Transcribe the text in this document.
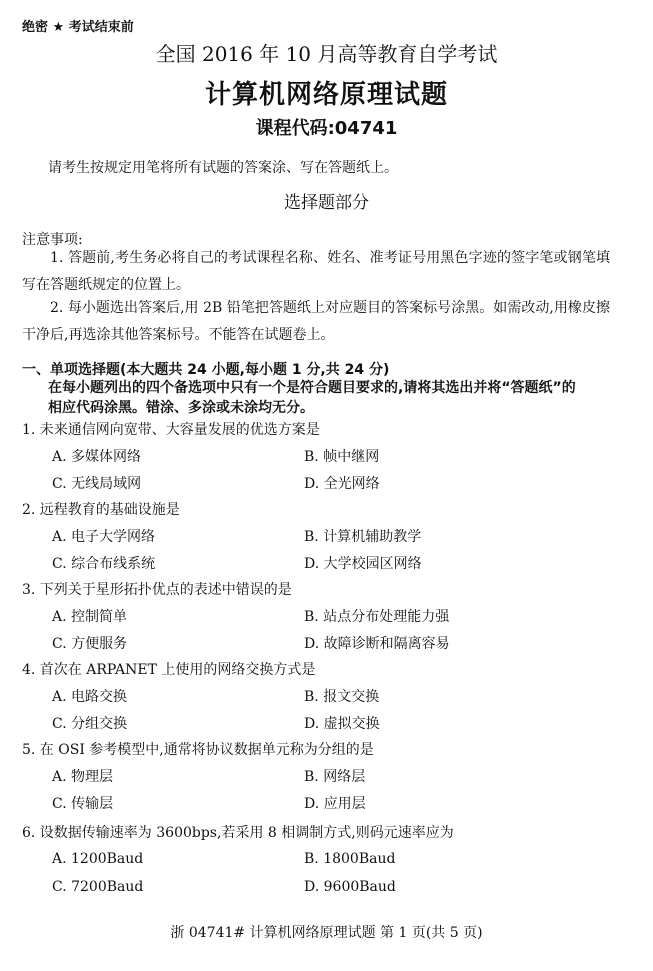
绝密 ★ 考试结束前
全国 2016 年 10 月高等教育自学考试
计算机网络原理试题
课程代码:04741
请考生按规定用笔将所有试题的答案涂、写在答题纸上。
选择题部分
注意事项:
1. 答题前,考生务必将自己的考试课程名称、姓名、准考证号用黑色字迹的签字笔或钢笔填写在答题纸规定的位置上。
2. 每小题选出答案后,用 2B 铅笔把答题纸上对应题目的答案标号涂黑。如需改动,用橡皮擦干净后,再选涂其他答案标号。不能答在试题卷上。
一、单项选择题(本大题共 24 小题,每小题 1 分,共 24 分)
在每小题列出的四个备选项中只有一个是符合题目要求的,请将其选出并将“答题纸”的相应代码涂黑。错涂、多涂或未涂均无分。
1. 未来通信网向宽带、大容量发展的优选方案是
A. 多媒体网络	B. 帧中继网
C. 无线局域网	D. 全光网络
2. 远程教育的基础设施是
A. 电子大学网络	B. 计算机辅助教学
C. 综合布线系统	D. 大学校园区网络
3. 下列关于星形拓扑优点的表述中错误的是
A. 控制简单	B. 站点分布处理能力强
C. 方便服务	D. 故障诊断和隔离容易
4. 首次在 ARPANET 上使用的网络交换方式是
A. 电路交换	B. 报文交换
C. 分组交换	D. 虚拟交换
5. 在 OSI 参考模型中,通常将协议数据单元称为分组的是
A. 物理层	B. 网络层
C. 传输层	D. 应用层
6. 设数据传输速率为 3600bps,若采用 8 相调制方式,则码元速率应为
A. 1200Baud	B. 1800Baud
C. 7200Baud	D. 9600Baud
浙 04741# 计算机网络原理试题 第 1 页(共 5 页)
